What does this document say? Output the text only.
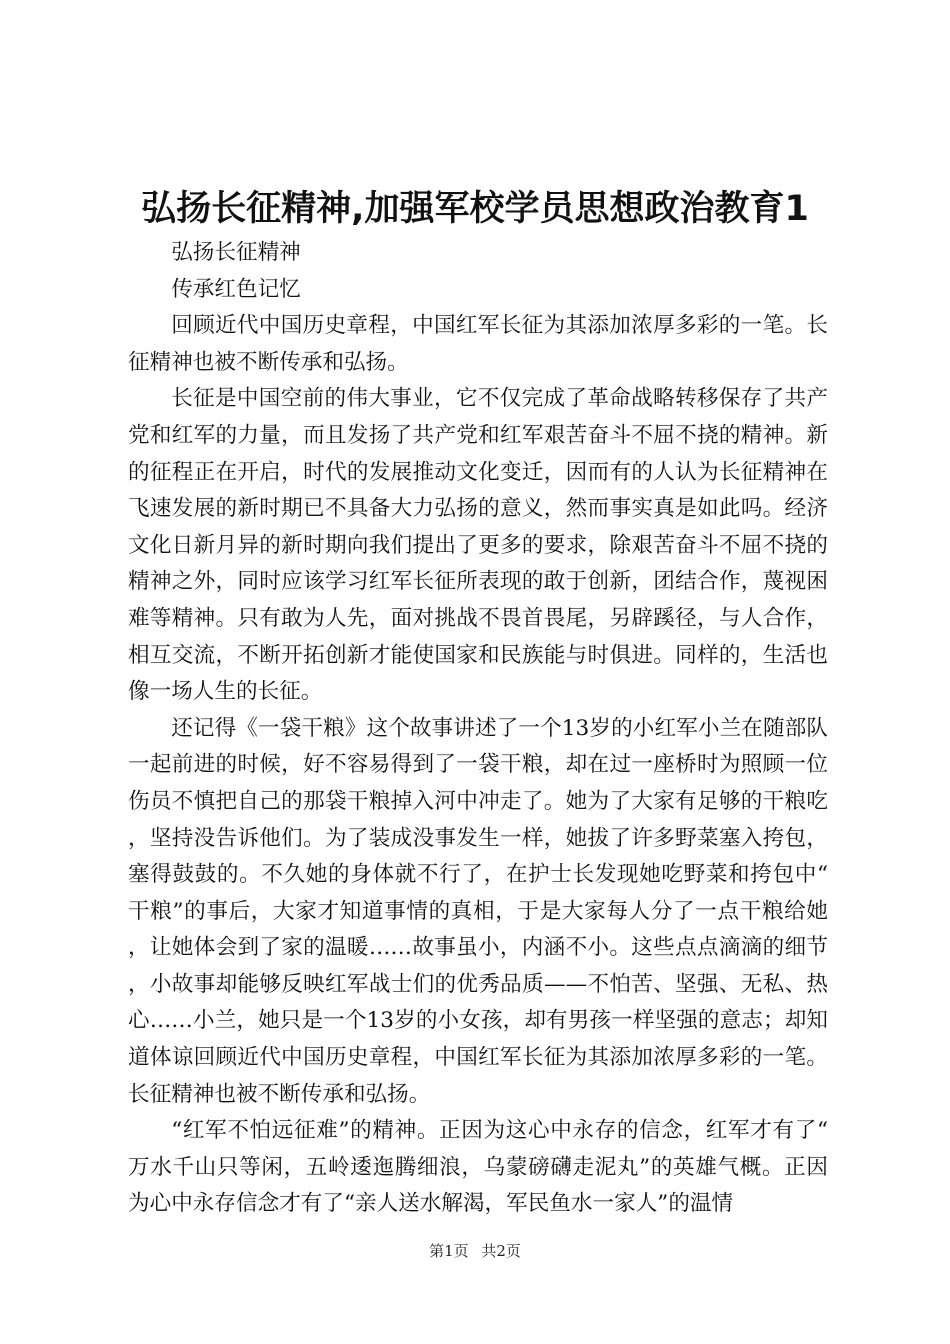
弘扬长征精神,加强军校学员思想政治教育1

弘扬长征精神

传承红色记忆

回顾近代中国历史章程，中国红军长征为其添加浓厚多彩的一笔。长征精神也被不断传承和弘扬。

长征是中国空前的伟大事业，它不仅完成了革命战略转移保存了共产党和红军的力量，而且发扬了共产党和红军艰苦奋斗不屈不挠的精神。新的征程正在开启，时代的发展推动文化变迁，因而有的人认为长征精神在飞速发展的新时期已不具备大力弘扬的意义，然而事实真是如此吗。经济文化日新月异的新时期向我们提出了更多的要求，除艰苦奋斗不屈不挠的精神之外，同时应该学习红军长征所表现的敢于创新，团结合作，蔑视困难等精神。只有敢为人先，面对挑战不畏首畏尾，另辟蹊径，与人合作，相互交流，不断开拓创新才能使国家和民族能与时俱进。同样的，生活也像一场人生的长征。

还记得《一袋干粮》这个故事讲述了一个13岁的小红军小兰在随部队一起前进的时候，好不容易得到了一袋干粮，却在过一座桥时为照顾一位伤员不慎把自己的那袋干粮掉入河中冲走了。她为了大家有足够的干粮吃，坚持没告诉他们。为了装成没事发生一样，她拔了许多野菜塞入挎包，塞得鼓鼓的。不久她的身体就不行了，在护士长发现她吃野菜和挎包中“干粮”的事后，大家才知道事情的真相，于是大家每人分了一点干粮给她，让她体会到了家的温暖……故事虽小，内涵不小。这些点点滴滴的细节，小故事却能够反映红军战士们的优秀品质——不怕苦、坚强、无私、热心……小兰，她只是一个13岁的小女孩，却有男孩一样坚强的意志；却知道体谅回顾近代中国历史章程，中国红军长征为其添加浓厚多彩的一笔。长征精神也被不断传承和弘扬。

“红军不怕远征难”的精神。正因为这心中永存的信念，红军才有了“万水千山只等闲，五岭逶迤腾细浪，乌蒙磅礴走泥丸”的英雄气概。正因为心中永存信念才有了“亲人送水解渴，军民鱼水一家人”的温情

第1页 共2页
